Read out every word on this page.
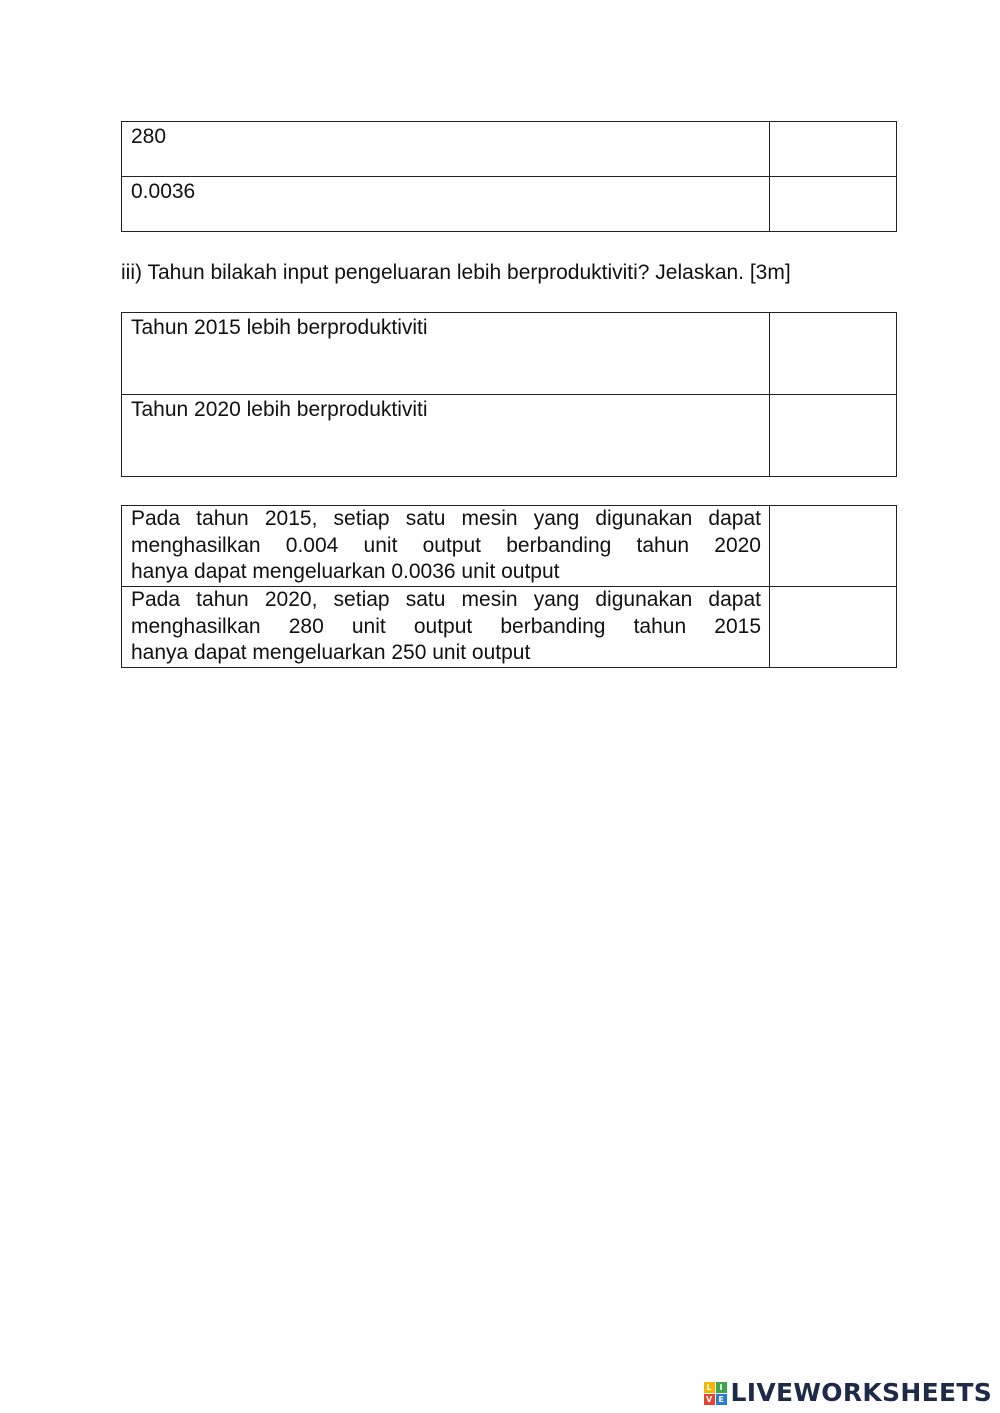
280	
0.0036	

iii) Tahun bilakah input pengeluaran lebih berproduktiviti? Jelaskan. [3m]

Tahun 2015 lebih berproduktiviti	
Tahun 2020 lebih berproduktiviti	
Pada tahun 2015, setiap satu mesin yang digunakan dapat menghasilkan 0.004 unit output berbanding tahun 2020
hanya dapat mengeluarkan 0.0036 unit output	

Pada tahun 2020, setiap satu mesin yang digunakan dapat menghasilkan 280 unit output berbanding tahun 2015
hanya dapat mengeluarkan 250 unit output	

L I
V E LIVEWORKSHEETS
